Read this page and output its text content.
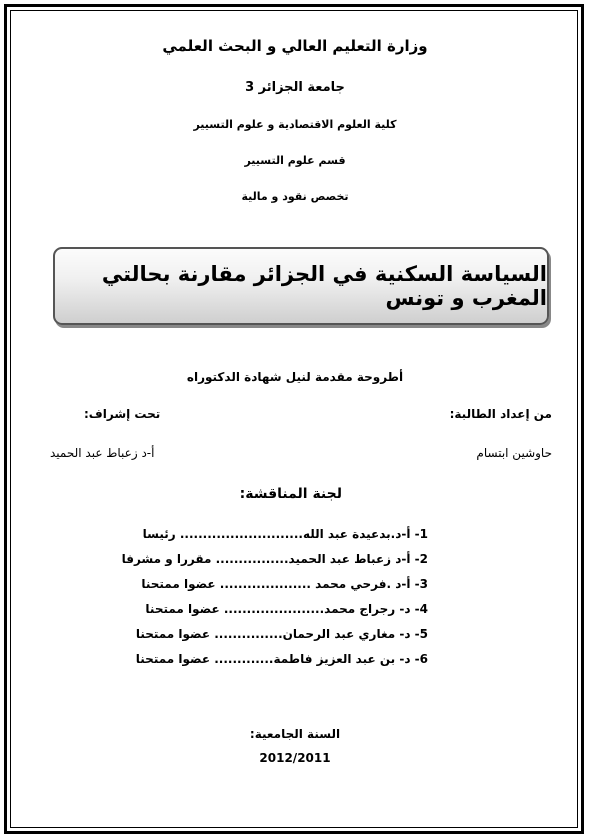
وزارة التعليم العالي و البحث العلمي
جامعة الجزائر 3
كلية العلوم الاقتصادية و علوم التسيير
قسم علوم التسيير
تخصص نقود و مالية
السياسة السكنية في الجزائر مقارنة بحالتي المغرب و تونس
أطروحة مقدمة لنيل شهادة الدكتوراه
من إعداد الطالبة:
تحت إشراف:
حاوشين ابتسام
أ-د زعباط عبد الحميد
لجنة المناقشة:
1- أ-د.بدعيدة عبد الله........................... رئيسا
2- أ-د زعباط عبد الحميد................ مقررا و مشرفا
3- أ-د .فرحي محمد .................... عضوا ممتحنا
4- د- رجراج محمد...................... عضوا ممتحنا
5- د- مغاري عبد الرحمان............... عضوا ممتحنا
6- د- بن عبد العزيز فاطمة............. عضوا ممتحنا
السنة الجامعية:
2012/2011
